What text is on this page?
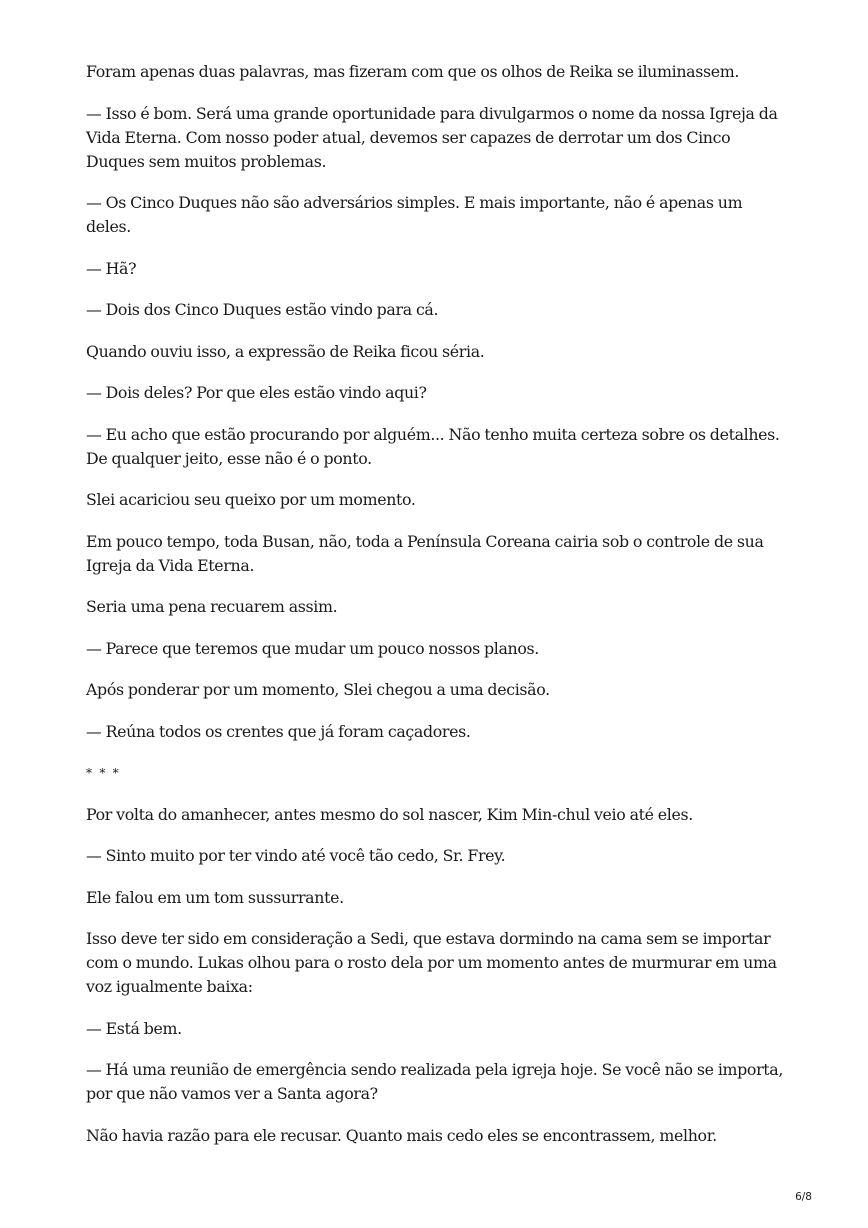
Foram apenas duas palavras, mas fizeram com que os olhos de Reika se iluminassem.

— Isso é bom. Será uma grande oportunidade para divulgarmos o nome da nossa Igreja da Vida Eterna. Com nosso poder atual, devemos ser capazes de derrotar um dos Cinco Duques sem muitos problemas.

— Os Cinco Duques não são adversários simples. E mais importante, não é apenas um deles.

— Hã?

— Dois dos Cinco Duques estão vindo para cá.

Quando ouviu isso, a expressão de Reika ficou séria.

— Dois deles? Por que eles estão vindo aqui?

— Eu acho que estão procurando por alguém... Não tenho muita certeza sobre os detalhes. De qualquer jeito, esse não é o ponto.

Slei acariciou seu queixo por um momento.

Em pouco tempo, toda Busan, não, toda a Península Coreana cairia sob o controle de sua Igreja da Vida Eterna.

Seria uma pena recuarem assim.

— Parece que teremos que mudar um pouco nossos planos.

Após ponderar por um momento, Slei chegou a uma decisão.

— Reúna todos os crentes que já foram caçadores.

* * *

Por volta do amanhecer, antes mesmo do sol nascer, Kim Min-chul veio até eles.

— Sinto muito por ter vindo até você tão cedo, Sr. Frey.

Ele falou em um tom sussurrante.

Isso deve ter sido em consideração a Sedi, que estava dormindo na cama sem se importar com o mundo. Lukas olhou para o rosto dela por um momento antes de murmurar em uma voz igualmente baixa:

— Está bem.

— Há uma reunião de emergência sendo realizada pela igreja hoje. Se você não se importa, por que não vamos ver a Santa agora?

Não havia razão para ele recusar. Quanto mais cedo eles se encontrassem, melhor.

6/8
